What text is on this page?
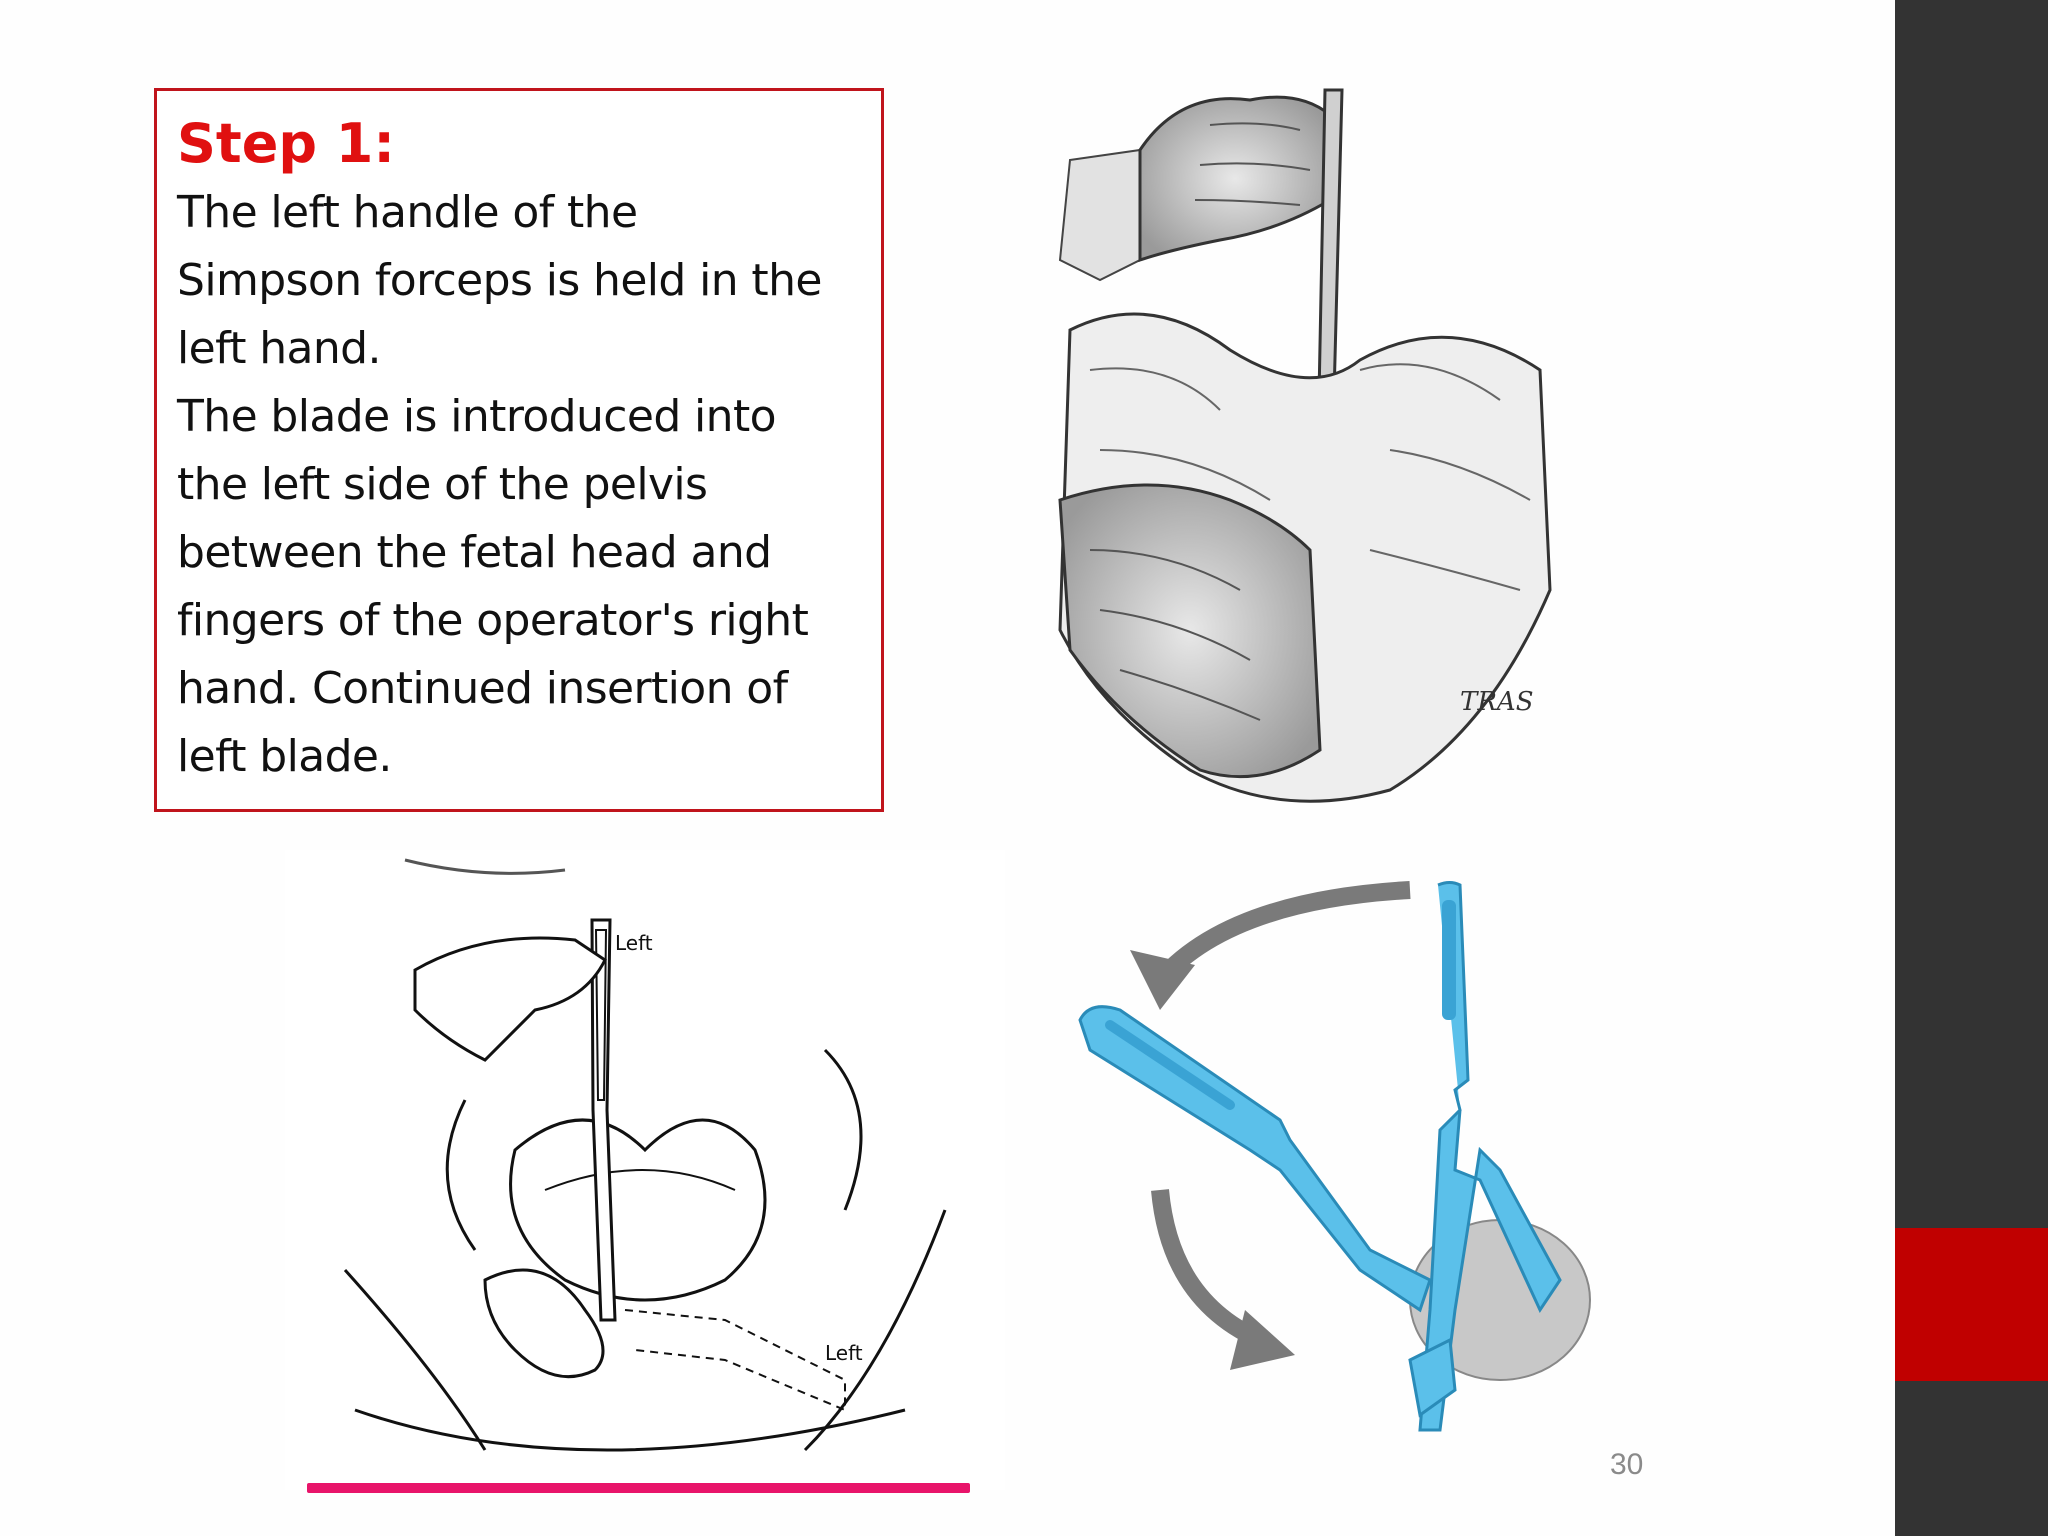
Step 1:
The left handle of the
Simpson forceps is held in the
left hand.
The blade is introduced into
the left side of the pelvis
between the fetal head and
fingers of the operator's right
hand. Continued insertion of
left blade.
TRAS
Left
Left
30
